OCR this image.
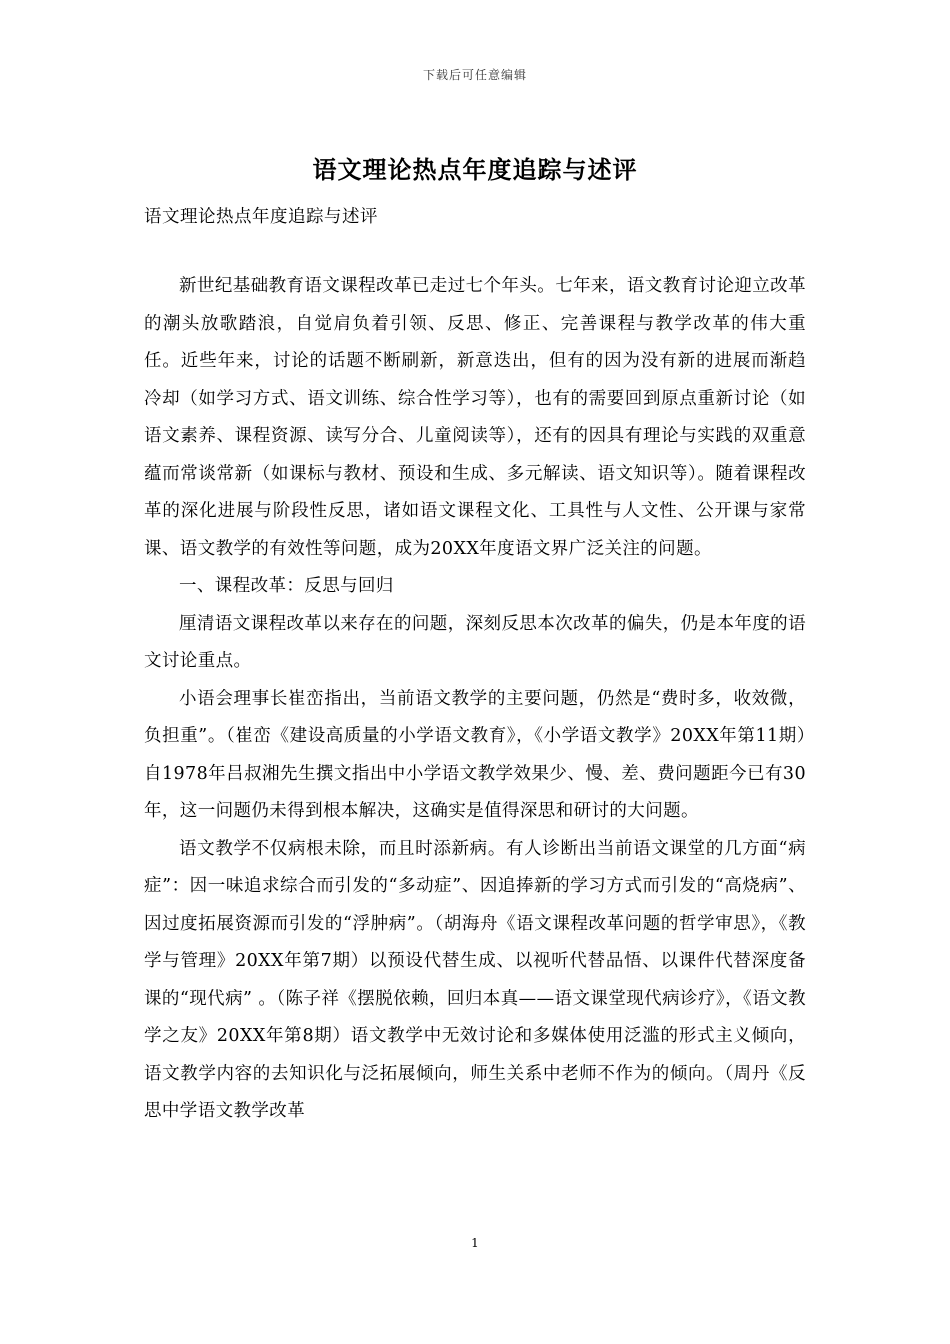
下载后可任意编辑
语文理论热点年度追踪与述评
语文理论热点年度追踪与述评

新世纪基础教育语文课程改革已走过七个年头。七年来，语文教育讨论迎立改革的潮头放歌踏浪，自觉肩负着引领、反思、修正、完善课程与教学改革的伟大重任。近些年来，讨论的话题不断刷新，新意迭出，但有的因为没有新的进展而渐趋冷却（如学习方式、语文训练、综合性学习等），也有的需要回到原点重新讨论（如语文素养、课程资源、读写分合、儿童阅读等），还有的因具有理论与实践的双重意蕴而常谈常新（如课标与教材、预设和生成、多元解读、语文知识等）。随着课程改革的深化进展与阶段性反思，诸如语文课程文化、工具性与人文性、公开课与家常课、语文教学的有效性等问题，成为20XX年度语文界广泛关注的问题。

一、课程改革：反思与回归

厘清语文课程改革以来存在的问题，深刻反思本次改革的偏失，仍是本年度的语文讨论重点。

小语会理事长崔峦指出，当前语文教学的主要问题，仍然是“费时多，收效微，负担重”。（崔峦《建设高质量的小学语文教育》，《小学语文教学》20XX年第11期）自1978年吕叔湘先生撰文指出中小学语文教学效果少、慢、差、费问题距今已有30年，这一问题仍未得到根本解决，这确实是值得深思和研讨的大问题。

语文教学不仅病根未除，而且时添新病。有人诊断出当前语文课堂的几方面“病症”：因一味追求综合而引发的“多动症”、因追捧新的学习方式而引发的“高烧病”、因过度拓展资源而引发的“浮肿病”。（胡海舟《语文课程改革问题的哲学审思》，《教学与管理》20XX年第7期）以预设代替生成、以视听代替品悟、以课件代替深度备课的“现代病” 。（陈子祥《摆脱依赖，回归本真——语文课堂现代病诊疗》，《语文教学之友》20XX年第8期）语文教学中无效讨论和多媒体使用泛滥的形式主义倾向，语文教学内容的去知识化与泛拓展倾向，师生关系中老师不作为的倾向。（周丹《反思中学语文教学改革

1
